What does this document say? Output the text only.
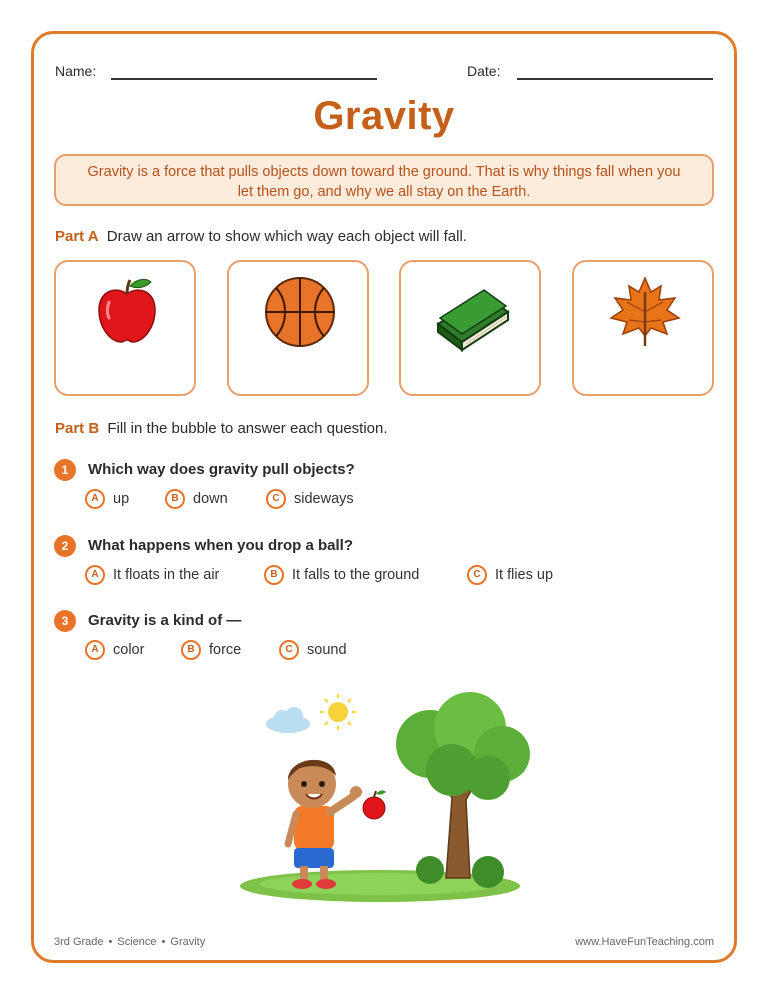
Name:	Date:
Gravity
Gravity is a force that pulls objects down toward the ground. That is why things fall when you let them go, and why we all stay on the Earth.
Part A Draw an arrow to show which way each object will fall.
Part B Fill in the bubble to answer each question.
1	Which way does gravity pull objects?
A up	B down	C sideways
2	What happens when you drop a ball?
A It floats in the air	B It falls to the ground	C It flies up
3	Gravity is a kind of —
A color	B force	C sound
3rd Grade • Science • Gravity	www.HaveFunTeaching.com
